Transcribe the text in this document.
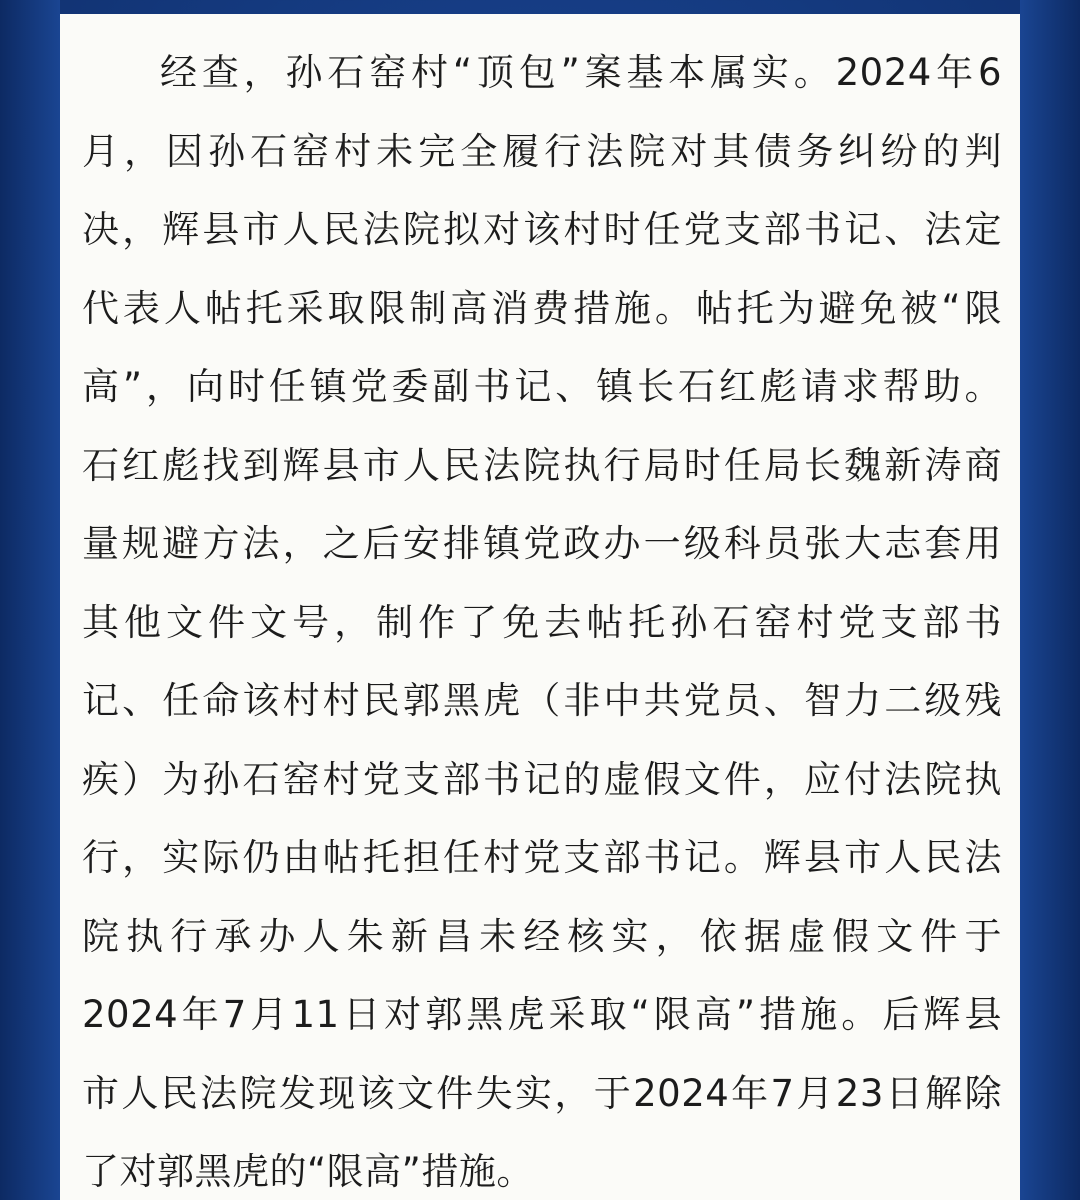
经查，孙石窑村“顶包”案基本属实。2024年6
月，因孙石窑村未完全履行法院对其债务纠纷的判
决，辉县市人民法院拟对该村时任党支部书记、法定
代表人帖托采取限制高消费措施。帖托为避免被“限
高”，向时任镇党委副书记、镇长石红彪请求帮助。
石红彪找到辉县市人民法院执行局时任局长魏新涛商
量规避方法，之后安排镇党政办一级科员张大志套用
其他文件文号，制作了免去帖托孙石窑村党支部书
记、任命该村村民郭黑虎（非中共党员、智力二级残
疾）为孙石窑村党支部书记的虚假文件，应付法院执
行，实际仍由帖托担任村党支部书记。辉县市人民法
院执行承办人朱新昌未经核实，依据虚假文件于
2024年7月11日对郭黑虎采取“限高”措施。后辉县
市人民法院发现该文件失实，于2024年7月23日解除
了对郭黑虎的“限高”措施。
